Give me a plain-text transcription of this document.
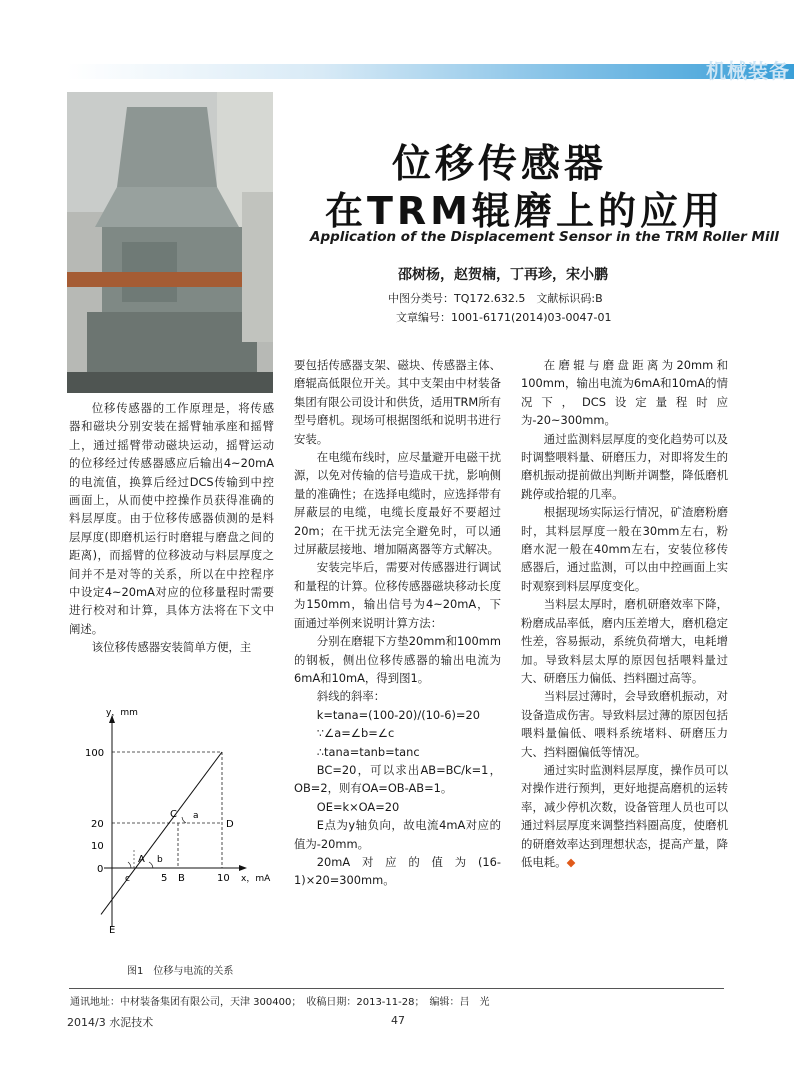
机械装备
位移传感器
在TRM辊磨上的应用
Application of the Displacement Sensor in the TRM Roller Mill
邵树杨，赵贺楠，丁再珍，宋小鹏
中图分类号：TQ172.632.5　文献标识码:B
文章编号：1001-6171(2014)03-0047-01

位移传感器的工作原理是，将传感器和磁块分别安装在摇臂轴承座和摇臂上，通过摇臂带动磁块运动，摇臂运动的位移经过传感器感应后输出4~20mA的电流值，换算后经过DCS传输到中控画面上，从而使中控操作员获得准确的料层厚度。由于位移传感器侦测的是料层厚度(即磨机运行时磨辊与磨盘之间的距离)，而摇臂的位移波动与料层厚度之间并不是对等的关系，所以在中控程序中设定4~20mA对应的位移量程时需要进行校对和计算，具体方法将在下文中阐述。

该位移传感器安装简单方便，主

100
20
10
0
5	10
y，mm
x，mA
A
B
C
D
E
a
b
c
图1　位移与电流的关系

要包括传感器支架、磁块、传感器主体、磨辊高低限位开关。其中支架由中材装备集团有限公司设计和供货，适用TRM所有型号磨机。现场可根据图纸和说明书进行安装。

在电缆布线时，应尽量避开电磁干扰源，以免对传输的信号造成干扰，影响侧量的准确性；在选择电缆时，应选择带有屏蔽层的电缆，电缆长度最好不要超过20m；在干扰无法完全避免时，可以通过屏蔽层接地、增加隔离器等方式解决。

安装完毕后，需要对传感器进行调试和量程的计算。位移传感器磁块移动长度为150mm，输出信号为4~20mA，下面通过举例来说明计算方法：

分别在磨辊下方垫20mm和100mm的钢板，侧出位移传感器的输出电流为6mA和10mA，得到图1。

斜线的斜率：

k=tana=(100-20)/(10-6)=20

∵∠a=∠b=∠c

∴tana=tanb=tanc

BC=20，可以求出AB=BC/k=1，OB=2，则有OA=OB-AB=1。

OE=k×OA=20

E点为y轴负向，故电流4mA对应的值为-20mm。

20mA对应的值为(16-1)×20=300mm。

在磨辊与磨盘距离为20mm和100mm，输出电流为6mA和10mA的情况下，DCS设定量程时应为-20~300mm。

通过监测料层厚度的变化趋势可以及时调整喂料量、研磨压力，对即将发生的磨机振动提前做出判断并调整，降低磨机跳停或拾辊的几率。

根据现场实际运行情况，矿渣磨粉磨时，其料层厚度一般在30mm左右，粉磨水泥一般在40mm左右，安装位移传感器后，通过监测，可以由中控画面上实时观察到料层厚度变化。

当料层太厚时，磨机研磨效率下降，粉磨成品率低，磨内压差增大，磨机稳定性差，容易振动，系统负荷增大，电耗增加。导致料层太厚的原因包括喂料量过大、研磨压力偏低、挡料圈过高等。

当料层过薄时，会导致磨机振动，对设备造成伤害。导致料层过薄的原因包括喂料量偏低、喂料系统堵料、研磨压力大、挡料圈偏低等情况。

通过实时监测料层厚度，操作员可以对操作进行预判，更好地提高磨机的运转率，减少停机次数，设备管理人员也可以通过料层厚度来调整挡料圈高度，使磨机的研磨效率达到理想状态，提高产量，降低电耗。◆

通讯地址：中材装备集团有限公司，天津 300400；　收稿日期：2013-11-28；　编辑：吕　光
2014/3 水泥技术	47
